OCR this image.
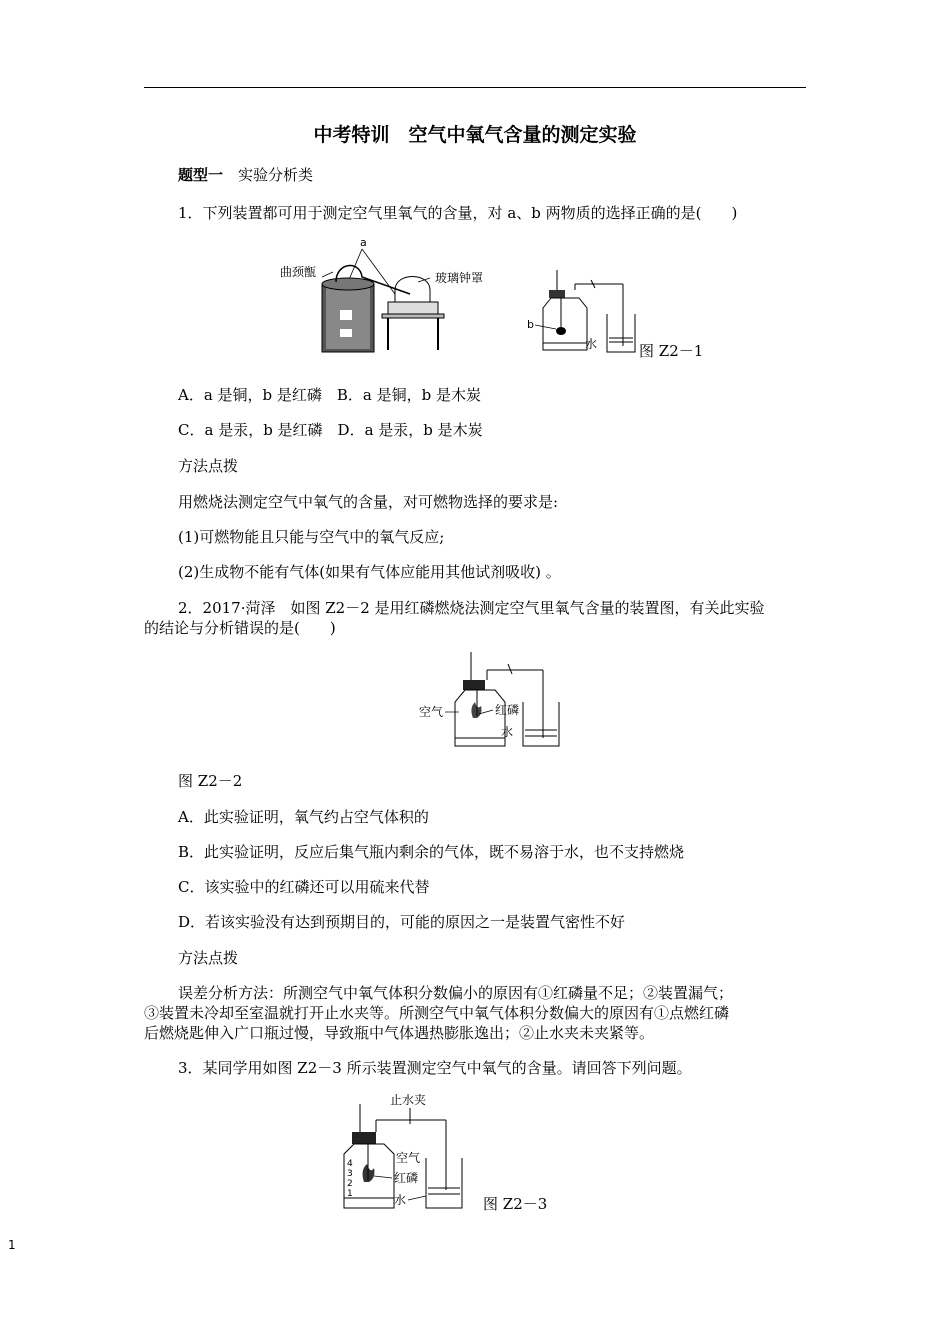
中考特训　空气中氧气含量的测定实验
题型一　 实验分析类
1．下列装置都可用于测定空气里氧气的含量，对 a、b 两物质的选择正确的是(　　)
a
曲颈甑	玻璃钟罩
b
水	图 Z2－1
A．a 是铜，b 是红磷　B．a 是铜，b 是木炭
C．a 是汞，b 是红磷　D．a 是汞，b 是木炭
方法点拨
用燃烧法测定空气中氧气的含量，对可燃物选择的要求是:
(1)可燃物能且只能与空气中的氧气反应;
(2)生成物不能有气体(如果有气体应能用其他试剂吸收) 。
2．2017·菏泽　如图 Z2－2 是用红磷燃烧法测定空气里氧气含量的装置图，有关此实验
的结论与分析错误的是(　　)
空气	红磷
水
图 Z2－2
A．此实验证明，氧气约占空气体积的
B．此实验证明，反应后集气瓶内剩余的气体，既不易溶于水，也不支持燃烧
C．该实验中的红磷还可以用硫来代替
D．若该实验没有达到预期目的，可能的原因之一是装置气密性不好
方法点拨
误差分析方法：所测空气中氧气体积分数偏小的原因有①红磷量不足；②装置漏气；
③装置未冷却至室温就打开止水夹等。所测空气中氧气体积分数偏大的原因有①点燃红磷
后燃烧匙伸入广口瓶过慢，导致瓶中气体遇热膨胀逸出；②止水夹未夹紧等。
3．某同学用如图 Z2－3 所示装置测定空气中氧气的含量。请回答下列问题。
止水夹
4
3
2
1
空气
红磷
水	图 Z2－3
1
